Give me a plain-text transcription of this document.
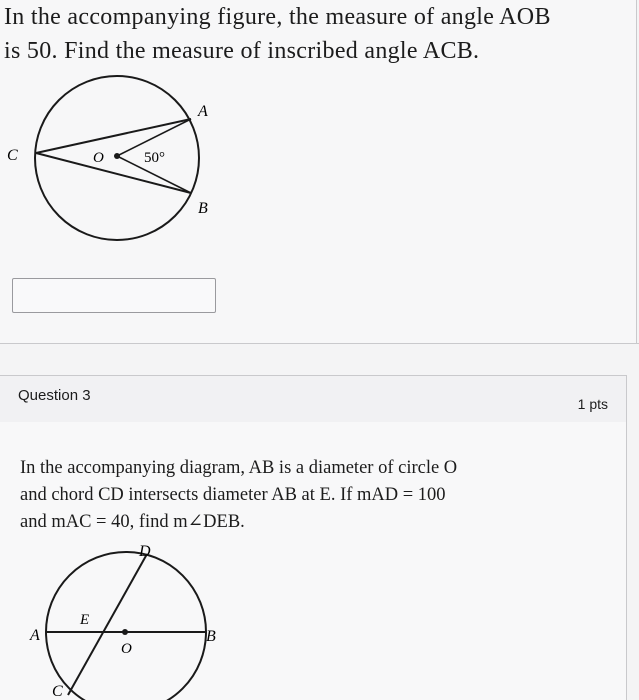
In the accompanying figure, the measure of angle AOB
is 50. Find the measure of inscribed angle ACB.
A
B
C	O	50°
Question 3	1 pts
In the accompanying diagram, AB is a diameter of circle O
and chord CD intersects diameter AB at E. If mAD = 100
and mAC = 40, find m∠DEB.
D
E
A	B
O
C
